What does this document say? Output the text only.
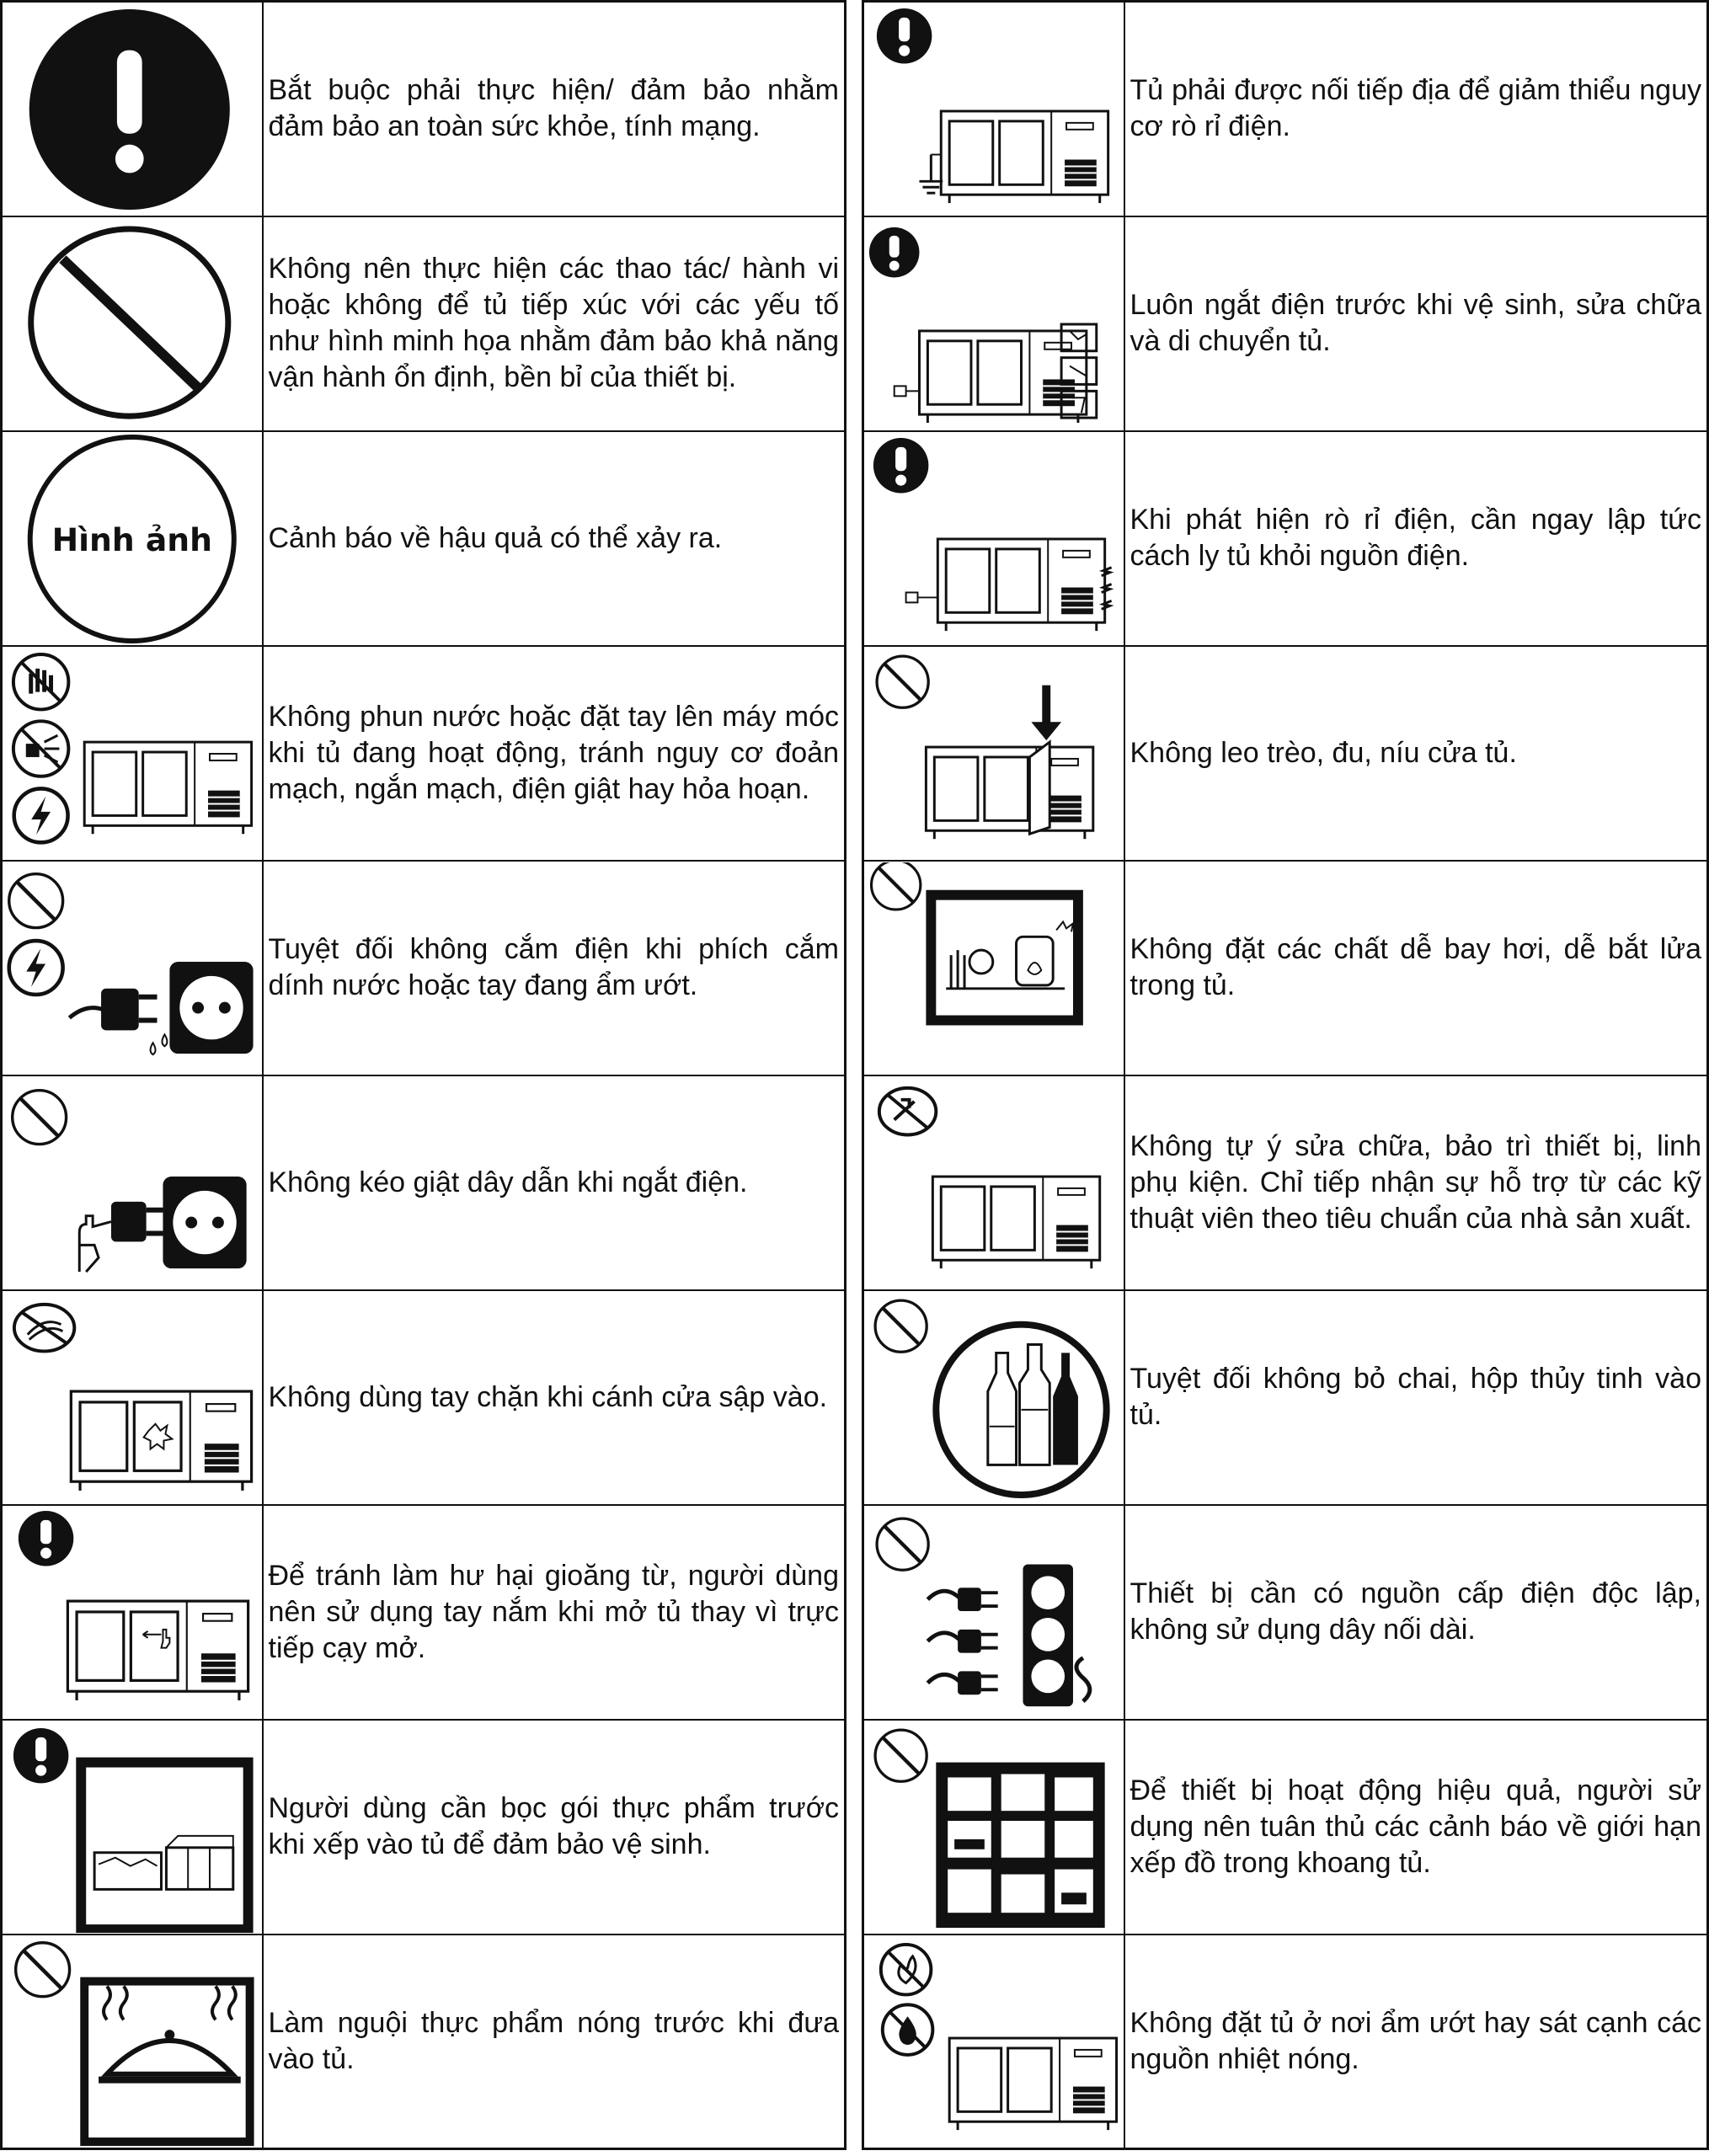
Bắt buộc phải thực hiện/ đảm bảo nhằm đảm bảo an toàn sức khỏe, tính mạng.

Không nên thực hiện các thao tác/ hành vi hoặc không để tủ tiếp xúc với các yếu tố như hình minh họa nhằm đảm bảo khả năng vận hành ổn định, bền bỉ của thiết bị.

Hình ảnh	Cảnh báo về hậu quả có thể xảy ra.

Không phun nước hoặc đặt tay lên máy móc khi tủ đang hoạt động, tránh nguy cơ đoản mạch, ngắn mạch, điện giật hay hỏa hoạn.

Tuyệt đối không cắm điện khi phích cắm dính nước hoặc tay đang ẩm ướt.

Không kéo giật dây dẫn khi ngắt điện.

Không dùng tay chặn khi cánh cửa sập vào.

Để tránh làm hư hại gioăng từ, người dùng nên sử dụng tay nắm khi mở tủ thay vì trực tiếp cạy mở.

Người dùng cần bọc gói thực phẩm trước khi xếp vào tủ để đảm bảo vệ sinh.

Làm nguội thực phẩm nóng trước khi đưa vào tủ.

Tủ phải được nối tiếp địa để giảm thiểu nguy cơ rò rỉ điện.

Luôn ngắt điện trước khi vệ sinh, sửa chữa và di chuyển tủ.

Khi phát hiện rò rỉ điện, cần ngay lập tức cách ly tủ khỏi nguồn điện.

Không leo trèo, đu, níu cửa tủ.

Không đặt các chất dễ bay hơi, dễ bắt lửa trong tủ.

Không tự ý sửa chữa, bảo trì thiết bị, linh phụ kiện. Chỉ tiếp nhận sự hỗ trợ từ các kỹ thuật viên theo tiêu chuẩn của nhà sản xuất.

Tuyệt đối không bỏ chai, hộp thủy tinh vào tủ.

Thiết bị cần có nguồn cấp điện độc lập, không sử dụng dây nối dài.

Để thiết bị hoạt động hiệu quả, người sử dụng nên tuân thủ các cảnh báo về giới hạn xếp đồ trong khoang tủ.

Không đặt tủ ở nơi ẩm ướt hay sát cạnh các nguồn nhiệt nóng.
